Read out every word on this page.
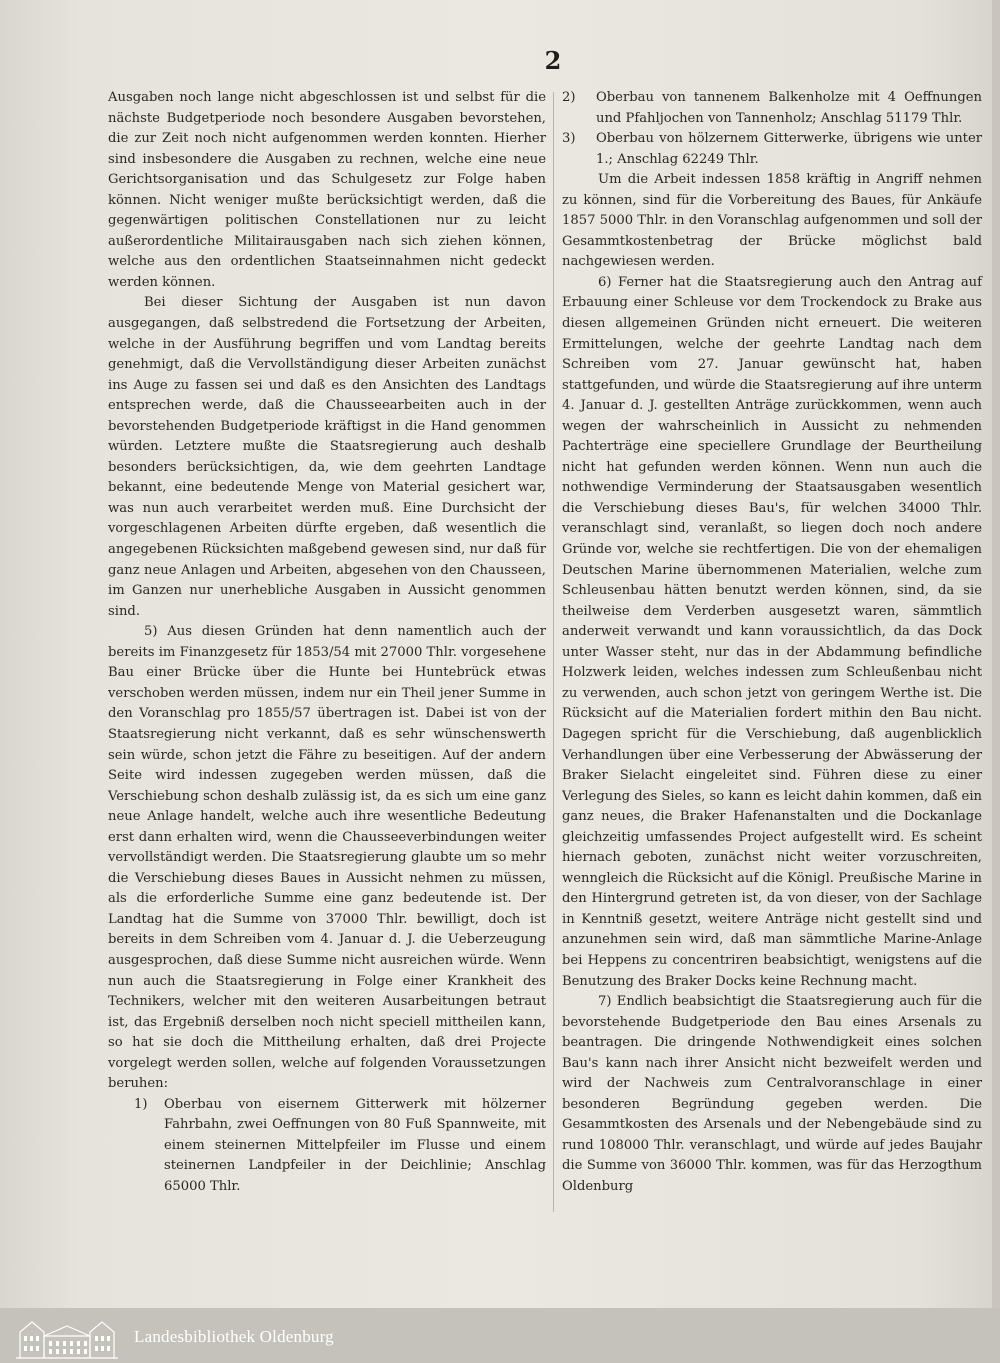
2

Ausgaben noch lange nicht abgeschlossen ist und selbst für die nächste Budgetperiode noch besondere Ausgaben bevorstehen, die zur Zeit noch nicht aufgenommen werden konnten. Hierher sind insbesondere die Ausgaben zu rechnen, welche eine neue Gerichtsorganisation und das Schulgesetz zur Folge haben können. Nicht weniger mußte berücksichtigt werden, daß die gegenwärtigen politischen Constellationen nur zu leicht außerordentliche Militairausgaben nach sich ziehen können, welche aus den ordentlichen Staatseinnahmen nicht gedeckt werden können.

Bei dieser Sichtung der Ausgaben ist nun davon ausgegangen, daß selbstredend die Fortsetzung der Arbeiten, welche in der Ausführung begriffen und vom Landtag bereits genehmigt, daß die Vervollständigung dieser Arbeiten zunächst ins Auge zu fassen sei und daß es den Ansichten des Landtags entsprechen werde, daß die Chausseearbeiten auch in der bevorstehenden Budgetperiode kräftigst in die Hand genommen würden. Letztere mußte die Staatsregierung auch deshalb besonders berücksichtigen, da, wie dem geehrten Landtage bekannt, eine bedeutende Menge von Material gesichert war, was nun auch verarbeitet werden muß. Eine Durchsicht der vorgeschlagenen Arbeiten dürfte ergeben, daß wesentlich die angegebenen Rücksichten maßgebend gewesen sind, nur daß für ganz neue Anlagen und Arbeiten, abgesehen von den Chausseen, im Ganzen nur unerhebliche Ausgaben in Aussicht genommen sind.

5) Aus diesen Gründen hat denn namentlich auch der bereits im Finanzgesetz für 1853/54 mit 27000 Thlr. vorgesehene Bau einer Brücke über die Hunte bei Huntebrück etwas verschoben werden müssen, indem nur ein Theil jener Summe in den Voranschlag pro 1855/57 übertragen ist. Dabei ist von der Staatsregierung nicht verkannt, daß es sehr wünschenswerth sein würde, schon jetzt die Fähre zu beseitigen. Auf der andern Seite wird indessen zugegeben werden müssen, daß die Verschiebung schon deshalb zulässig ist, da es sich um eine ganz neue Anlage handelt, welche auch ihre wesentliche Bedeutung erst dann erhalten wird, wenn die Chausseeverbindungen weiter vervollständigt werden. Die Staatsregierung glaubte um so mehr die Verschiebung dieses Baues in Aussicht nehmen zu müssen, als die erforderliche Summe eine ganz bedeutende ist. Der Landtag hat die Summe von 37000 Thlr. bewilligt, doch ist bereits in dem Schreiben vom 4. Januar d. J. die Ueberzeugung ausgesprochen, daß diese Summe nicht ausreichen würde. Wenn nun auch die Staatsregierung in Folge einer Krankheit des Technikers, welcher mit den weiteren Ausarbeitungen betraut ist, das Ergebniß derselben noch nicht speciell mittheilen kann, so hat sie doch die Mittheilung erhalten, daß drei Projecte vorgelegt werden sollen, welche auf folgenden Voraussetzungen beruhen:

1)	Oberbau von eisernem Gitterwerk mit hölzerner Fahrbahn, zwei Oeffnungen von 80 Fuß Spannweite, mit einem steinernen Mittelpfeiler im Flusse und einem steinernen Landpfeiler in der Deichlinie; Anschlag 65000 Thlr.
2)	Oberbau von tannenem Balkenholze mit 4 Oeffnungen und Pfahljochen von Tannenholz; Anschlag 51179 Thlr.
3)	Oberbau von hölzernem Gitterwerke, übrigens wie unter 1.; Anschlag 62249 Thlr.

Um die Arbeit indessen 1858 kräftig in Angriff nehmen zu können, sind für die Vorbereitung des Baues, für Ankäufe 1857 5000 Thlr. in den Voranschlag aufgenommen und soll der Gesammtkostenbetrag der Brücke möglichst bald nachgewiesen werden.

6) Ferner hat die Staatsregierung auch den Antrag auf Erbauung einer Schleuse vor dem Trockendock zu Brake aus diesen allgemeinen Gründen nicht erneuert. Die weiteren Ermittelungen, welche der geehrte Landtag nach dem Schreiben vom 27. Januar gewünscht hat, haben stattgefunden, und würde die Staatsregierung auf ihre unterm 4. Januar d. J. gestellten Anträge zurückkommen, wenn auch wegen der wahrscheinlich in Aussicht zu nehmenden Pachterträge eine speciellere Grundlage der Beurtheilung nicht hat gefunden werden können. Wenn nun auch die nothwendige Verminderung der Staatsausgaben wesentlich die Verschiebung dieses Bau's, für welchen 34000 Thlr. veranschlagt sind, veranlaßt, so liegen doch noch andere Gründe vor, welche sie rechtfertigen. Die von der ehemaligen Deutschen Marine übernommenen Materialien, welche zum Schleusenbau hätten benutzt werden können, sind, da sie theilweise dem Verderben ausgesetzt waren, sämmtlich anderweit verwandt und kann voraussichtlich, da das Dock unter Wasser steht, nur das in der Abdammung befindliche Holzwerk leiden, welches indessen zum Schleußenbau nicht zu verwenden, auch schon jetzt von geringem Werthe ist. Die Rücksicht auf die Materialien fordert mithin den Bau nicht. Dagegen spricht für die Verschiebung, daß augenblicklich Verhandlungen über eine Verbesserung der Abwässerung der Braker Sielacht eingeleitet sind. Führen diese zu einer Verlegung des Sieles, so kann es leicht dahin kommen, daß ein ganz neues, die Braker Hafenanstalten und die Dockanlage gleichzeitig umfassendes Project aufgestellt wird. Es scheint hiernach geboten, zunächst nicht weiter vorzuschreiten, wenngleich die Rücksicht auf die Königl. Preußische Marine in den Hintergrund getreten ist, da von dieser, von der Sachlage in Kenntniß gesetzt, weitere Anträge nicht gestellt sind und anzunehmen sein wird, daß man sämmtliche Marine-Anlage bei Heppens zu concentriren beabsichtigt, wenigstens auf die Benutzung des Braker Docks keine Rechnung macht.

7) Endlich beabsichtigt die Staatsregierung auch für die bevorstehende Budgetperiode den Bau eines Arsenals zu beantragen. Die dringende Nothwendigkeit eines solchen Bau's kann nach ihrer Ansicht nicht bezweifelt werden und wird der Nachweis zum Centralvoranschlage in einer besonderen Begründung gegeben werden. Die Gesammtkosten des Arsenals und der Nebengebäude sind zu rund 108000 Thlr. veranschlagt, und würde auf jedes Baujahr die Summe von 36000 Thlr. kommen, was für das Herzogthum Oldenburg

Landesbibliothek Oldenburg
